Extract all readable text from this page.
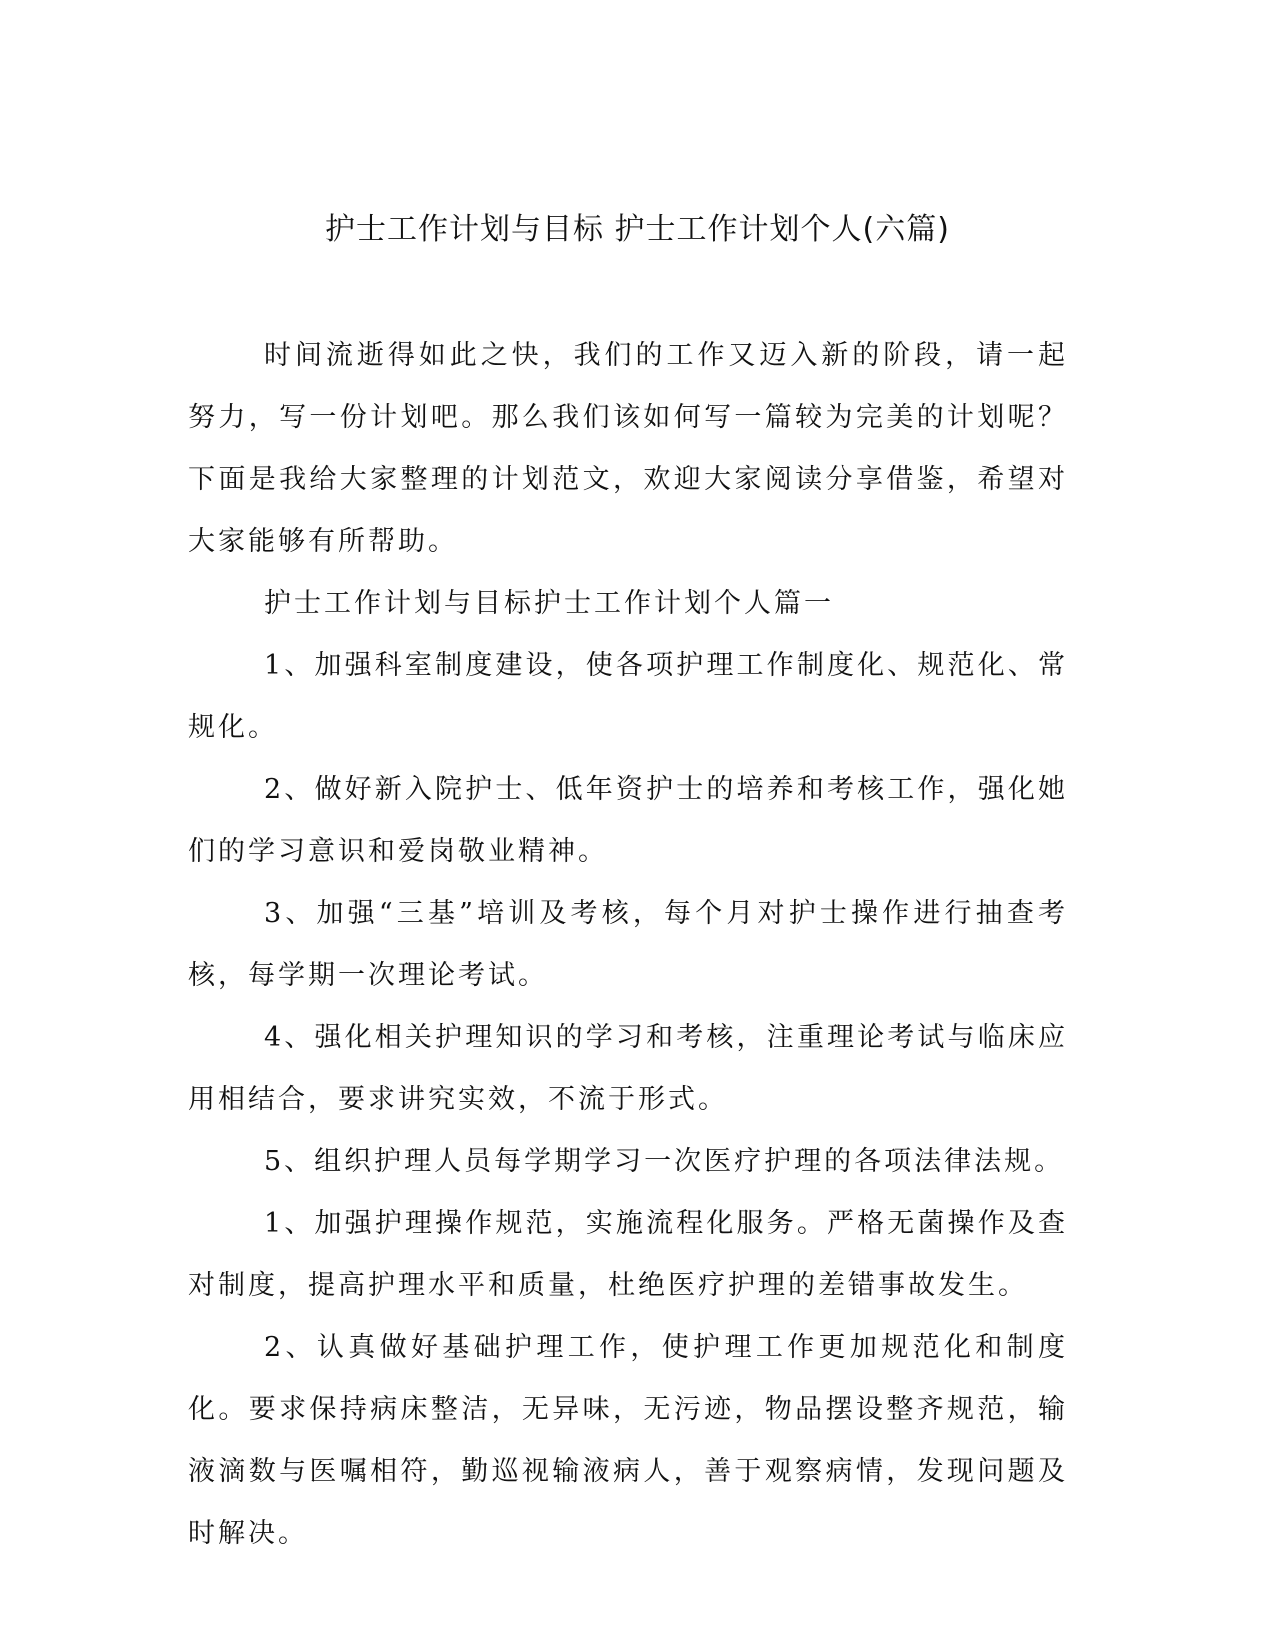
护士工作计划与目标 护士工作计划个人(六篇)

时间流逝得如此之快，我们的工作又迈入新的阶段，请一起努力，写一份计划吧。那么我们该如何写一篇较为完美的计划呢？下面是我给大家整理的计划范文，欢迎大家阅读分享借鉴，希望对大家能够有所帮助。

护士工作计划与目标护士工作计划个人篇一

1、加强科室制度建设，使各项护理工作制度化、规范化、常规化。

2、做好新入院护士、低年资护士的培养和考核工作，强化她们的学习意识和爱岗敬业精神。

3、加强“三基”培训及考核，每个月对护士操作进行抽查考核，每学期一次理论考试。

4、强化相关护理知识的学习和考核，注重理论考试与临床应用相结合，要求讲究实效，不流于形式。

5、组织护理人员每学期学习一次医疗护理的各项法律法规。

1、加强护理操作规范，实施流程化服务。严格无菌操作及查对制度，提高护理水平和质量，杜绝医疗护理的差错事故发生。

2、认真做好基础护理工作，使护理工作更加规范化和制度化。要求保持病床整洁，无异味，无污迹，物品摆设整齐规范，输液滴数与医嘱相符，勤巡视输液病人，善于观察病情，发现问题及时解决。
